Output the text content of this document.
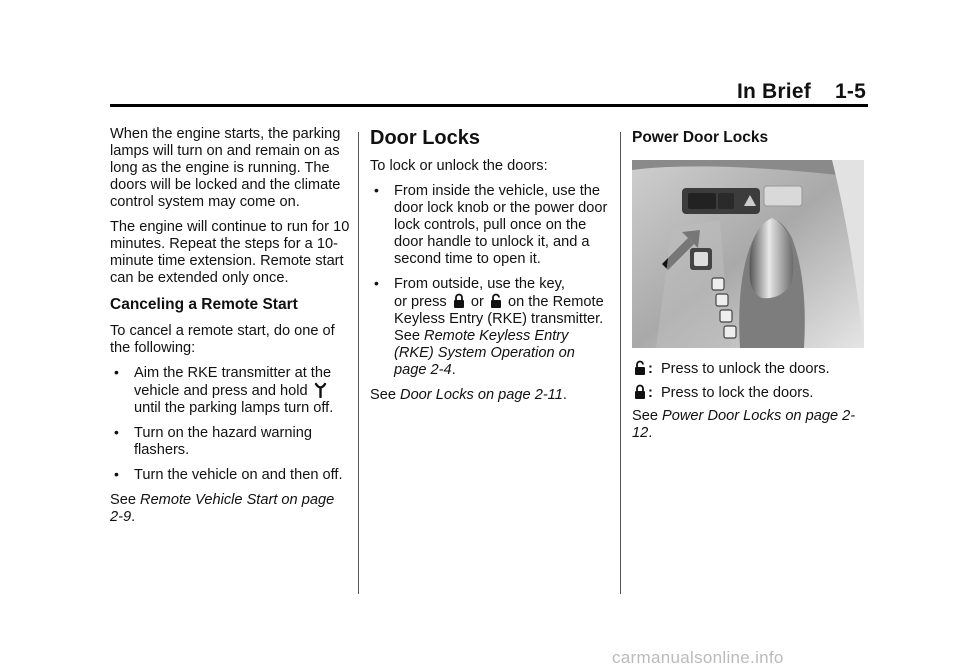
In Brief 1-5

When the engine starts, the parking lamps will turn on and remain on as long as the engine is running. The doors will be locked and the climate control system may come on.

The engine will continue to run for 10 minutes. Repeat the steps for a 10-minute time extension. Remote start can be extended only once.

Canceling a Remote Start

To cancel a remote start, do one of the following:

• Aim the RKE transmitter at the vehicle and press and hold  until the parking lamps turn off.
• Turn on the hazard warning flashers.
• Turn the vehicle on and then off.

See Remote Vehicle Start on page 2-9.

Door Locks

To lock or unlock the doors:

• From inside the vehicle, use the door lock knob or the power door lock controls, pull once on the door handle to unlock it, and a second time to open it.
• From outside, use the key,
or press or on the Remote Keyless Entry (RKE) transmitter. See Remote Keyless Entry (RKE) System Operation on page 2-4.

See Door Locks on page 2-11.

Power Door Locks

: Press to unlock the doors.

: Press to lock the doors.

See Power Door Locks on page 2-12.

carmanualsonline.info
